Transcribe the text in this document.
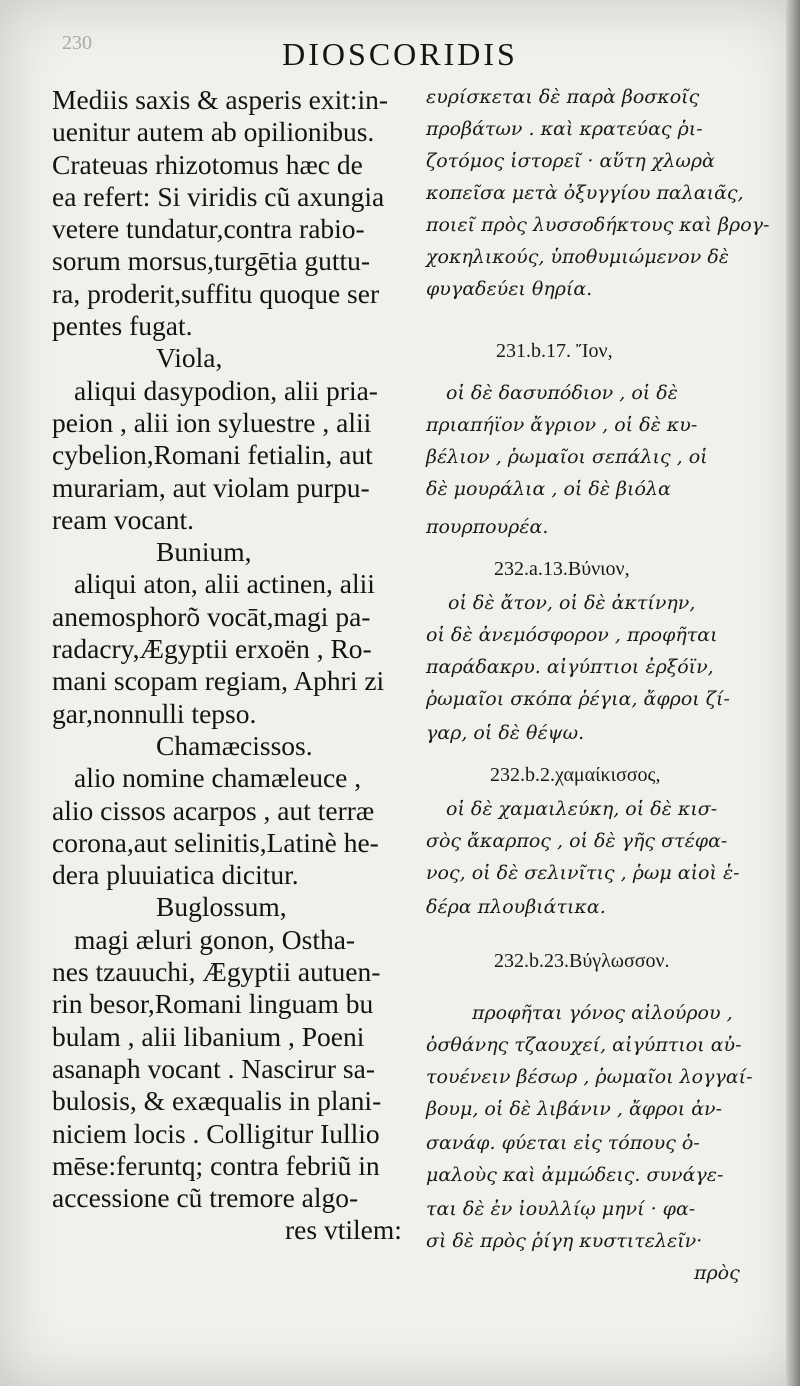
230	DIOSCORIDIS
Mediis saxis & asperis exit:in-
uenitur autem ab opilionibus.
Crateuas rhizotomus hæc de
ea refert: Si viridis cũ axungia
vetere tundatur,contra rabio-
sorum morsus,turgētia guttu-
ra, proderit,suffitu quoque ser
pentes fugat.
Viola,
aliqui dasypodion, alii pria-
peion , alii ion syluestre , alii
cybelion,Romani fetialin, aut
murariam, aut violam purpu-
ream vocant.
Bunium,
aliqui aton, alii actinen, alii
anemosphorõ vocāt,magi pa-
radacry,Ægyptii erxoën , Ro-
mani scopam regiam, Aphri zi
gar,nonnulli tepso.
Chamæcissos.
alio nomine chamæleuce ,
alio cissos acarpos , aut terræ
corona,aut selinitis,Latinè he-
dera pluuiatica dicitur.
Buglossum,
magi æluri gonon, Osthа-
nes tzauuchi, Ægyptii autuen-
rin besor,Romani linguam bu
bulam , alii libanium , Poeni
asanaph vocant . Nascirur sa-
bulosis, & exæqualis in plani-
niciem locis . Colligitur Iullio
mēse:feruntq; contra febriũ in
accessione cũ tremore algo-
res vtilem:
ευρίσκεται δὲ παρὰ βοσκοῖς
προβάτων . καὶ κρατεύας ῥι-
ζοτόμος ἱστορεῖ · αὕτη χλωρὰ
κοπεῖσα μετὰ ὀξυγγίου παλαιᾶς,
ποιεῖ πρὸς λυσσοδήκτους καὶ βρογ-
χοκηλικούς, ὑποθυμιώμενον δὲ
φυγαδεύει θηρία.
231.b.17. Ἴον,
οἱ δὲ δασυπόδιον , οἱ δὲ
πριαπήϊον ἄγριον , οἱ δὲ κυ-
βέλιον , ῥωμαῖοι σεπάλις , οἱ
δὲ μουράλια , οἱ δὲ βιόλα
πουρπουρέα.
232.a.13.Βύνιον,
οἱ δὲ ἄτον, οἱ δὲ ἀκτίνην,
οἱ δὲ ἀνεμόσφορον , προφῆται
παράδακρυ. αἰγύπτιοι ἐρξόϊν,
ῥωμαῖοι σκόπα ῥέγια, ἄφροι ζί-
γαρ, οἱ δὲ θέψω.
232.b.2.χαμαίκισσος,
οἱ δὲ χαμαιλεύκη, οἱ δὲ κισ-
σὸς ἄκαρπος , οἱ δὲ γῆς στέφα-
νος, οἱ δὲ σελινῖτις , ῥωμ αἰοὶ ἑ-
δέρα πλουβιάτικα.
232.b.23.Βύγλωσσον.
προφῆται γόνος αἰλούρου ,
ὀσθάνης τζαουχεί, αἰγύπτιοι αὐ-
τουένειν βέσωρ , ῥωμαῖοι λογγαί-
βουμ, οἱ δὲ λιβάνιν , ἄφροι ἀν-
σανάφ. φύεται εἰς τόπους ὁ-
μαλοὺς καὶ ἀμμώδεις. συνάγε-
ται δὲ ἐν ἰουλλίῳ μηνί · φα-
σὶ δὲ πρὸς ῥίγη κυστιτελεῖν·
πρὸς
